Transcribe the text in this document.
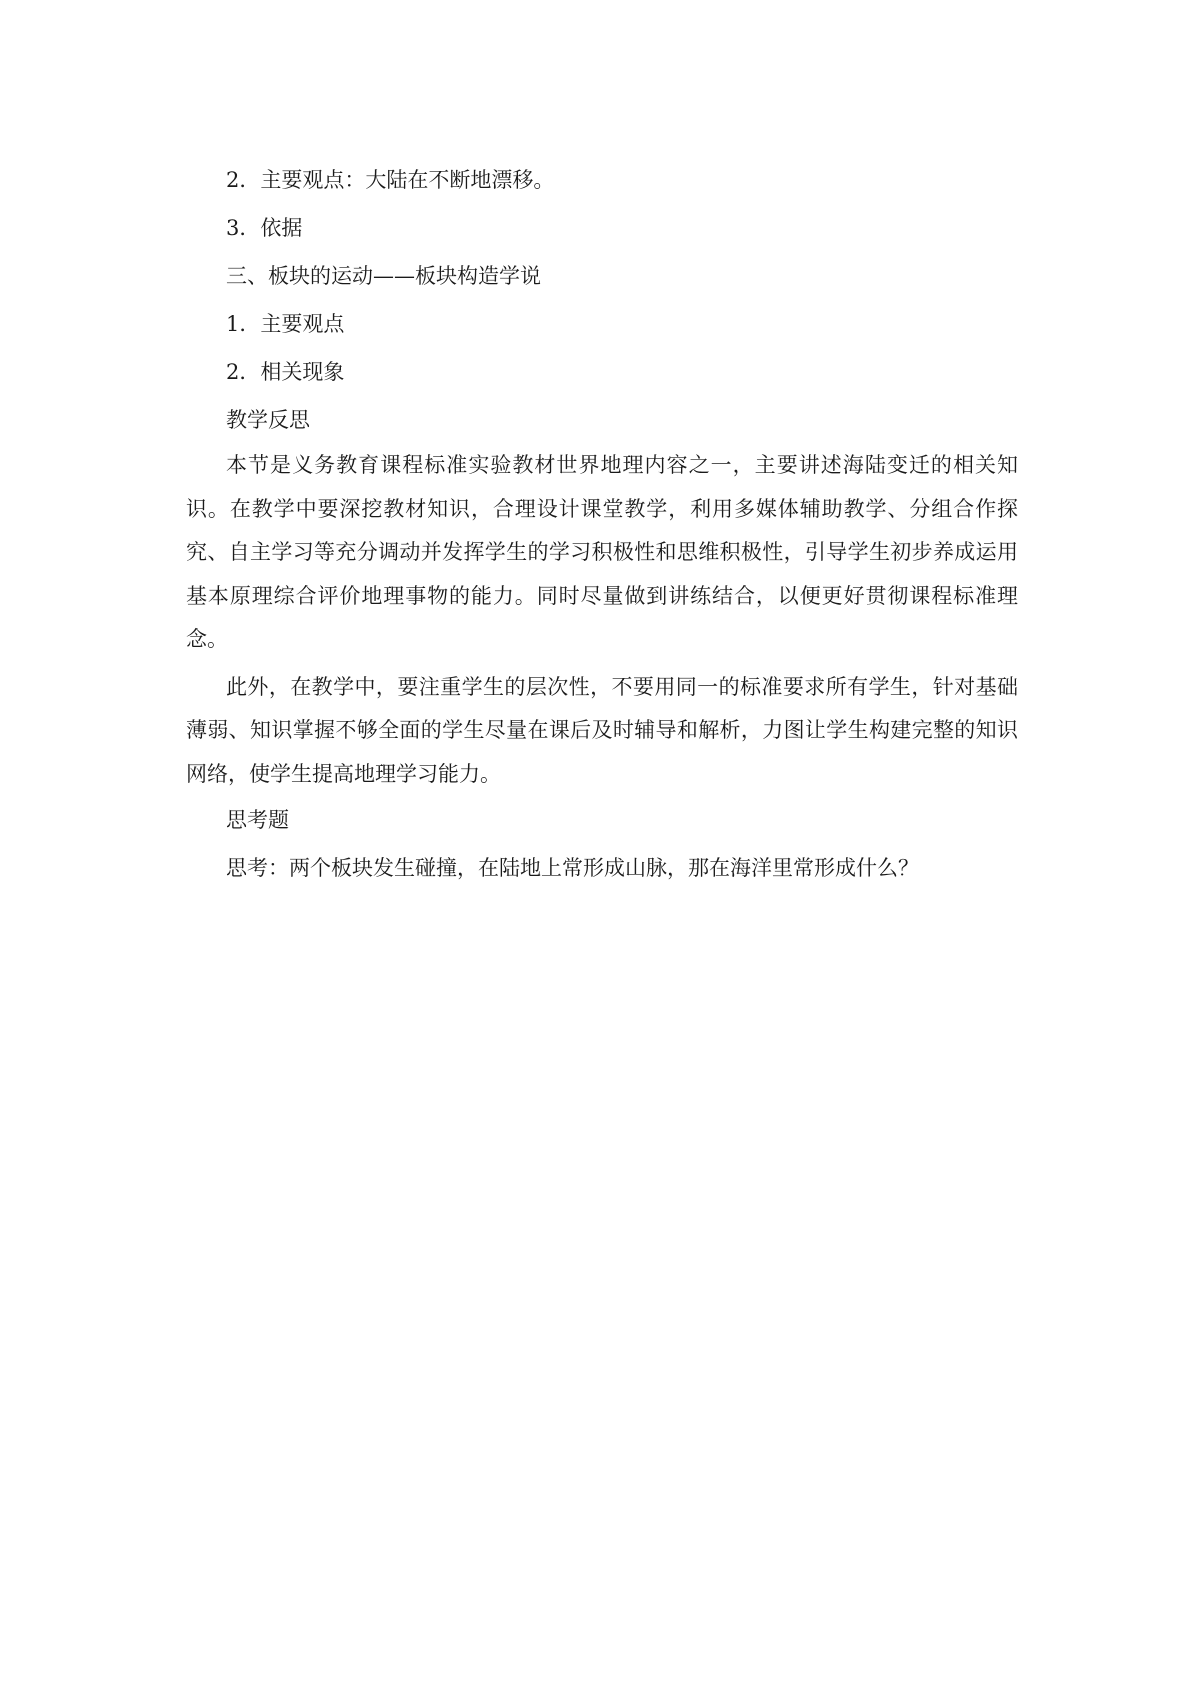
2．主要观点：大陆在不断地漂移。
3．依据
三、板块的运动——板块构造学说
1．主要观点
2．相关现象
教学反思

本节是义务教育课程标准实验教材世界地理内容之一，主要讲述海陆变迁的相关知识。在教学中要深挖教材知识，合理设计课堂教学，利用多媒体辅助教学、分组合作探究、自主学习等充分调动并发挥学生的学习积极性和思维积极性，引导学生初步养成运用基本原理综合评价地理事物的能力。同时尽量做到讲练结合，以便更好贯彻课程标准理念。

此外，在教学中，要注重学生的层次性，不要用同一的标准要求所有学生，针对基础薄弱、知识掌握不够全面的学生尽量在课后及时辅导和解析，力图让学生构建完整的知识网络，使学生提高地理学习能力。

思考题
思考：两个板块发生碰撞，在陆地上常形成山脉，那在海洋里常形成什么？
